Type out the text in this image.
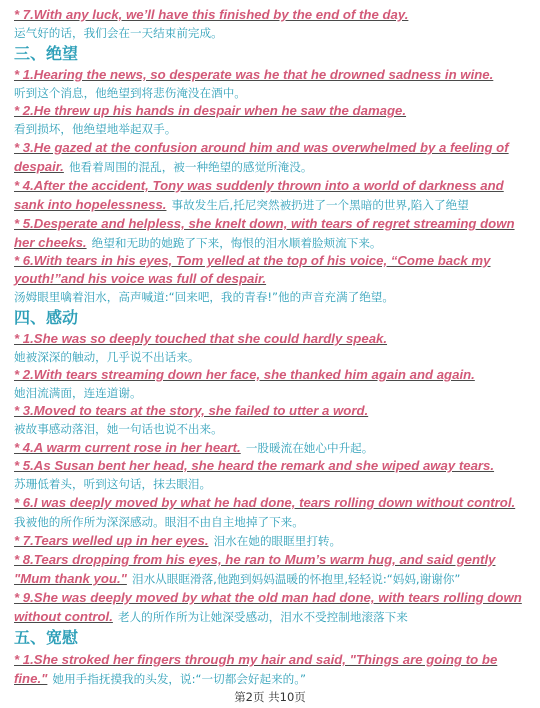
* 7.With any luck, we’ll have this finished by the end of the day.
运气好的话，我们会在一天结束前完成。
三、绝望
* 1.Hearing the news, so desperate was he that he drowned sadness in wine.
听到这个消息，他绝望到将悲伤淹没在酒中。
* 2.He threw up his hands in despair when he saw the damage.
看到损坏，他绝望地举起双手。
* 3.He gazed at the confusion around him and was overwhelmed by a feeling of despair. 他看着周围的混乱，被一种绝望的感觉所淹没。
* 4.After the accident, Tony was suddenly thrown into a world of darkness and sank into hopelessness. 事故发生后,托尼突然被扔进了一个黑暗的世界,陷入了绝望
* 5.Desperate and helpless, she knelt down, with tears of regret streaming down her cheeks. 绝望和无助的她跪了下来，悔恨的泪水顺着脸颊流下来。
* 6.With tears in his eyes, Tom yelled at the top of his voice, “Come back my youth!”and his voice was full of despair.
汤姆眼里噙着泪水，高声喊道:“回来吧，我的青春!”他的声音充满了绝望。
四、感动
* 1.She was so deeply touched that she could hardly speak.
她被深深的触动，几乎说不出话来。
* 2.With tears streaming down her face, she thanked him again and again.
她泪流满面，连连道谢。
* 3.Moved to tears at the story, she failed to utter a word.
被故事感动落泪，她一句话也说不出来。
* 4.A warm current rose in her heart. 一股暖流在她心中升起。
* 5.As Susan bent her head, she heard the remark and she wiped away tears.
苏珊低着头，听到这句话，抹去眼泪。
* 6.I was deeply moved by what he had done, tears rolling down without control. 我被他的所作所为深深感动。眼泪不由自主地掉了下来。
* 7.Tears welled up in her eyes. 泪水在她的眼眶里打转。
* 8.Tears dropping from his eyes, he ran to Mum’s warm hug, and said gently "Mum thank you." 泪水从眼眶滑落,他跑到妈妈温暖的怀抱里,轻轻说:“妈妈,谢谢你”
* 9.She was deeply moved by what the old man had done, with tears rolling down without control. 老人的所作所为让她深受感动，泪水不受控制地滚落下来
五、宽慰
* 1.She stroked her fingers through my hair and said, "Things are going to be fine." 她用手指抚摸我的头发，说:“一切都会好起来的。”
第2页 共10页
